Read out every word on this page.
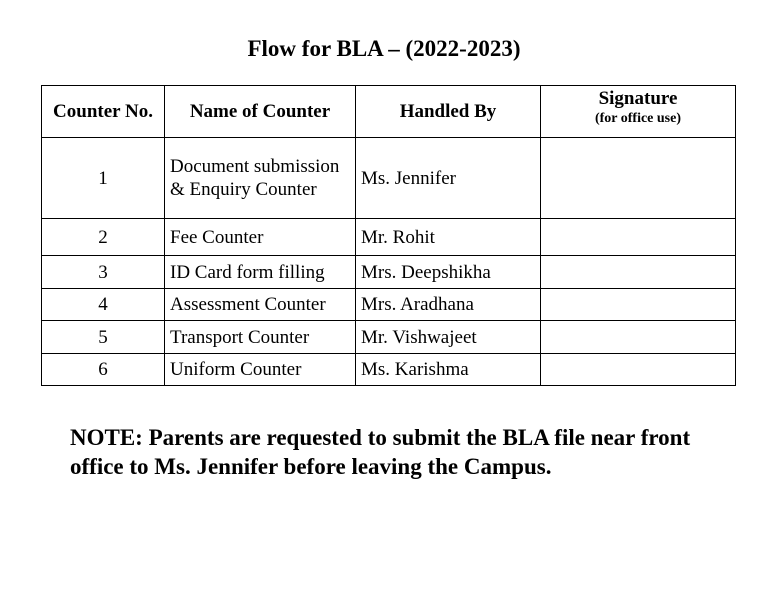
Flow for BLA – (2022-2023)
Counter No.	Name of Counter	Handled By	Signature
(for office use)

1	Document submission & Enquiry Counter	Ms. Jennifer	
2	Fee Counter	Mr. Rohit	
3	ID Card form filling	Mrs. Deepshikha	
4	Assessment Counter	Mrs. Aradhana	
5	Transport Counter	Mr. Vishwajeet	
6	Uniform Counter	Ms. Karishma	
NOTE: Parents are requested to submit the BLA file near front office to Ms. Jennifer before leaving the Campus.
